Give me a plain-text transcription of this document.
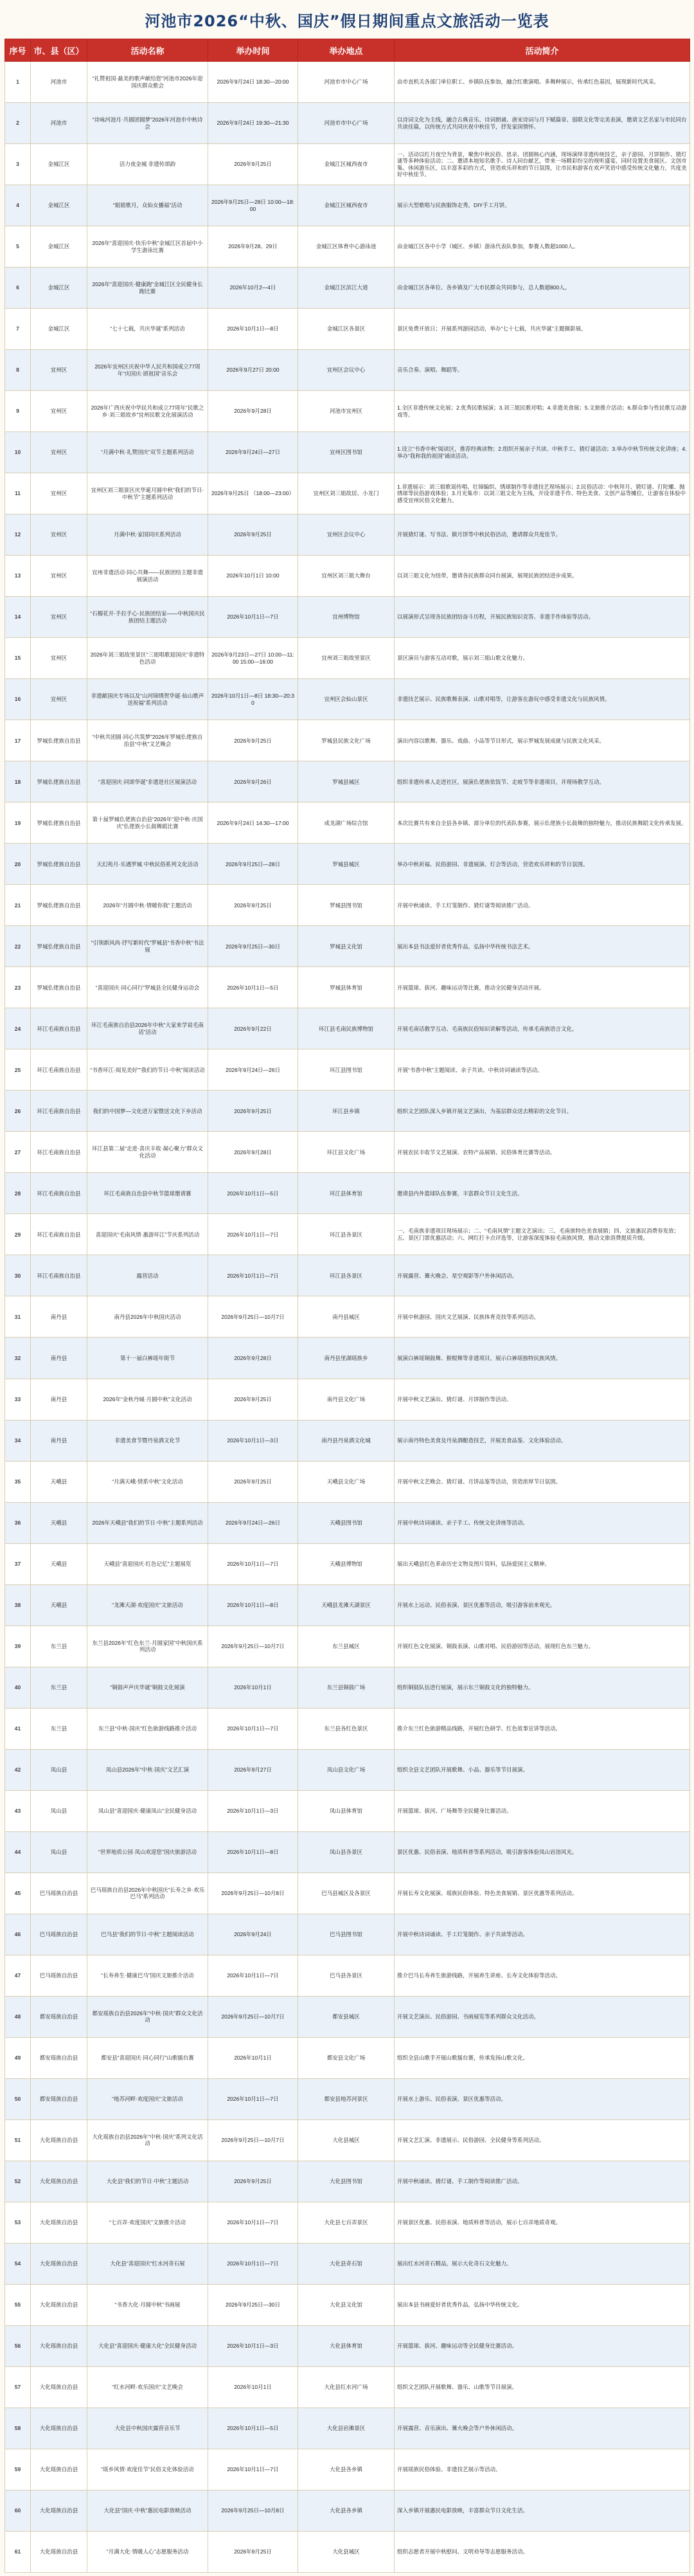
河池市2026“中秋、国庆”假日期间重点文旅活动一览表
序号	市、县（区）	活动名称	举办时间	举办地点	活动简介
1	河池市	“礼赞祖国·最美的歌声献给您”河池市2026年迎国庆群众歌会	2026年9月24日 18:30—20:00	河池市市中心广场	由市直机关各部门单位职工、乡镇队伍参加，融合红歌演唱、多舞种展示，传承红色基因，展现新时代风采。
2	河池市	“诗咏河池月·共圆团圆梦”2026年河池市中秋诗会	2026年9月24日 19:30—21:30	河池市市中心广场	以诗词文化为主线，融合古典音乐、诗词朗诵、唐宋诗词与月下赋篇章、弱联文化等完美表演，邀请文艺名家与市民同台共读佳篇，以传统方式共同庆祝中秋佳节，抒发家国情怀。
3	金城江区	活力夜金城 非遗传颂韵	2026年9月25日	金城江区城西夜市	一、活动以红月夜空为背景，聚焦中秋民俗、思亲、团圆核心内涵，现场演绎非遗传统技艺，亲子游园、月饼制作、猜灯谜等多种体验活动；二、邀请本地知名歌手、诗人同台献艺，带来一场精彩纷呈的视听盛宴，同时设置美食展区、文创市集、休闲游乐区，以丰富多彩的方式，营造欢乐祥和的节日氛围，让市民和游客在欢声笑语中感受传统文化魅力，共度美好中秋佳节。
4	金城江区	“姐姐歌月，众仙女播福”活动	2026年9月25日—28日 10:00—18:00	金城江区城西夜市	展示大型歌唱与民族服饰走秀，DIY手工月饼。
5	金城江区	2026年“喜迎国庆·快乐中秋”金城江区首届中小学生游泳比赛	2026年9月28、29日	金城江区体育中心游泳池	由金城江区各中小学（城区、乡镇）游泳代表队参加，参赛人数超1000人。
6	金城江区	2026年“喜迎国庆·健康跑”金城江区全民健身长跑比赛	2026年10月2—4日	金城江区滨江大道	由金城江区各单位、各乡镇及广大市民群众共同参与，总人数超800人。
7	金城江区	“七十七载，共庆华诞”系列活动	2026年10月1日—8日	金城江区各景区	景区免费开放日；开展系列游园活动，举办“七十七载，共庆华诞”主题摄影展。
8	宜州区	2026年宜州区庆祝中华人民共和国成立77周年“庆国庆·颂祖国”音乐会	2026年9月27日 20:00	宜州区会议中心	音乐合奏、演唱、舞蹈等。
9	宜州区	2026年广西庆祝中华民共和成立77周年“民歌之乡·刘三姐故乡”宜州民歌文化展演活动	2026年9月28日	河池市宜州区	1.全区非遗传统文化展；2.优秀民歌展演；3.刘三姐民歌对唱；4.非遗美食展；5.文旅推介活动；6.群众参与性民歌互动游戏等。
10	宜州区	“月满中秋·礼赞国庆”双节主题系列活动	2026年9月24日—27日	宜州区图书馆	1.设立“书香中秋”阅读区，推荐经典读物；2.组织开展亲子共读、中秋手工、猜灯谜活动；3.举办中秋节传统文化讲座；4.举办“我和我的祖国”诵读活动。
11	宜州区	宜州区刘三姐景区庆华诞月圆中秋“我们的节日·中秋节”主题系列活动	2026年9月25日 （18:00—23:00）	宜州区刘三姐故居、小龙门	1.非遗展示：刘三姐歌谣传唱、壮锦编织、绣球制作等非遗技艺现场展示；2.民俗活动：中秋拜月、猜灯谜、打陀螺、抛绣球等民俗游戏体验；3.月光集市：以刘三姐文化为主线，开设非遗手作、特色美食、文创产品等摊位，让游客在体验中感受宜州民俗文化魅力。
12	宜州区	月满中秋·家国同庆系列活动	2026年9月25日	宜州区会议中心	开展猜灯谜、写书法、做月饼等中秋民俗活动，邀请群众共度佳节。
13	宜州区	宜州非遗活动·同心共舞——民族团结主题非遗展演活动	2026年10月1日 10:00	宜州区刘三姐大舞台	以刘三姐文化为纽带，邀请各民族群众同台展演，展现民族团结进步成果。
14	宜州区	“石榴花开·手拉手心·民族团结家——中秋国庆民族团结主题活动	2026年10月1日—7日	宜州博物馆	以展演形式呈现各民族团结奋斗历程，开展民族知识竞答、非遗手作体验等活动。
15	宜州区	2026年刘三姐故里景区“三姐唱歌迎国庆”非遗特色活动	2026年9月23日—27日 10:00—11:00 15:00—16:00	宜州刘三姐故里景区	景区演员与游客互动对歌，展示刘三姐山歌文化魅力。
16	宜州区	非遗献国庆专场以及“山河锦绣贺华诞·仙山歌声送祝福”系列活动	2026年10月1日—8日 18:30—20:30	宜州区会仙山景区	非遗技艺展示、民族歌舞表演、山歌对唱等，让游客在游玩中感受非遗文化与民族风情。
17	罗城仫佬族自治县	“中秋共团圆·同心共筑梦”2026年罗城仫佬族自治县“中秋”文艺晚会	2026年9月25日	罗城县民族文化广场	演出内容以歌舞、器乐、戏曲、小品等节目形式，展示罗城发展成就与民族文化风采。
18	罗城仫佬族自治县	“喜迎国庆·同颂华诞”非遗进社区展演活动	2026年9月26日	罗城县城区	组织非遗传承人走进社区，展演仫佬族依饭节、走坡节等非遗项目，并现场教学互动。
19	罗城仫佬族自治县	第十届罗城仫佬族自治县“2026年“迎中秋·庆国庆”仫佬族小长鼓舞蹈比赛	2026年9月24日 14:30—17:00	成龙湖广场综合馆	本次比赛共有来自全县各乡镇、部分单位的代表队参赛，展示仫佬族小长鼓舞的独特魅力，推动民族舞蹈文化传承发展。
20	罗城仫佬族自治县	天幻苑月·乐遇罗城 中秋民俗系列文化活动	2026年9月25日—28日	罗城县城区	举办中秋祈福、民俗游园、非遗展演、灯会等活动，营造欢乐祥和的节日氛围。
21	罗城仫佬族自治县	2026年“月圆中秋·情暖你我”主题活动	2026年9月25日	罗城县图书馆	开展中秋诵读、手工灯笼制作、猜灯谜等阅读推广活动。
22	罗城仫佬族自治县	“引领新风尚·抒写新时代”罗城县“书香中秋”书法展	2026年9月25日—30日	罗城县文化馆	展出本县书法爱好者优秀作品，弘扬中华传统书法艺术。
23	罗城仫佬族自治县	“喜迎国庆·同心同行”罗城县全民健身运动会	2026年10月1日—5日	罗城县体育馆	开展篮球、拔河、趣味运动等比赛，推动全民健身活动开展。
24	环江毛南族自治县	环江毛南族自治县2026年中秋“大家来学说毛南话”活动	2026年9月22日	环江县毛南民族博物馆	开展毛南话教学互动、毛南族民俗知识讲解等活动，传承毛南族语言文化。
25	环江毛南族自治县	“书香环江·阅见美好”“我们的节日·中秋”阅读活动	2026年9月24日—26日	环江县图书馆	开展“书香中秋”主题阅读、亲子共读、中秋诗词诵读等活动。
26	环江毛南族自治县	我们的中国梦—文化进万家暨送文化下乡活动	2026年9月25日	环江县乡镇	组织文艺团队深入乡镇开展文艺演出，为基层群众送去精彩的文化节目。
27	环江毛南族自治县	环江县第二届“走进·喜庆丰收·凝心聚力”群众文化活动	2026年9月28日	环江县文化广场	开展农民丰收节文艺展演、农特产品展销、民俗体育比赛等活动。
28	环江毛南族自治县	环江毛南族自治县中秋节篮球邀请赛	2026年10月1日—5日	环江县体育馆	邀请县内外篮球队伍参赛，丰富群众节日文化生活。
29	环江毛南族自治县	喜迎国庆“毛南风情·惠游环江”节庆系列活动	2026年10月1日—7日	环江县各景区	一、毛南族非遗项目现场展示；二、“毛南风情”主题文艺演出；三、毛南族特色美食展销；四、文旅惠民消费券发放；五、景区门票优惠活动；六、网红打卡点评选等，让游客深度体验毛南族风情，推动文旅消费提质升级。
30	环江毛南族自治县	露营活动	2026年10月1日—7日	环江县各景区	开展露营、篝火晚会、星空观影等户外休闲活动。
31	南丹县	南丹县2026年中秋国庆活动	2026年9月25日—10月7日	南丹县城区	开展中秋游园、国庆文艺展演、民族体育竞技等系列活动。
32	南丹县	第十一届白裤瑶年街节	2026年9月28日	南丹县里湖瑶族乡	展演白裤瑶铜鼓舞、猴棍舞等非遗项目，展示白裤瑶独特民族风情。
33	南丹县	2026年“金秋丹城·月圆中秋”文化活动	2026年9月25日	南丹县文化广场	开展中秋文艺演出、猜灯谜、月饼制作等活动。
34	南丹县	非遗美食节暨丹泉酒文化节	2026年10月1日—3日	南丹县丹泉酒文化城	展示南丹特色美食及丹泉酒酿造技艺，开展美食品鉴、文化体验活动。
35	天峨县	“月满天峨·情系中秋”文化活动	2026年9月25日	天峨县文化广场	开展中秋文艺晚会、猜灯谜、月饼品鉴等活动，营造浓厚节日氛围。
36	天峨县	2026年天峨县“我们的节日·中秋”主题系列活动	2026年9月24日—26日	天峨县图书馆	开展中秋诗词诵读、亲子手工、传统文化讲座等活动。
37	天峨县	天峨县“喜迎国庆·红色记忆”主题展览	2026年10月1日—7日	天峨县博物馆	展出天峨县红色革命历史文物及图片资料，弘扬爱国主义精神。
38	天峨县	“龙滩天湖·欢度国庆”文旅活动	2026年10月1日—8日	天峨县龙滩天湖景区	开展水上运动、民俗表演、景区优惠等活动，吸引游客前来观光。
39	东兰县	东兰县2026年“红色东兰·月圆家国”中秋国庆系列活动	2026年9月25日—10月7日	东兰县城区	开展红色文化展演、铜鼓表演、山歌对唱、民俗游园等活动，展现红色东兰魅力。
40	东兰县	“铜鼓声声庆华诞”铜鼓文化展演	2026年10月1日	东兰县铜鼓广场	组织铜鼓队伍进行展演，展示东兰铜鼓文化的独特魅力。
41	东兰县	东兰县“中秋·国庆”红色旅游线路推介活动	2026年10月1日—7日	东兰县各红色景区	推介东兰红色旅游精品线路，开展红色研学、红色故事宣讲等活动。
42	凤山县	凤山县2026年“中秋·国庆”文艺汇演	2026年9月27日	凤山县文化广场	组织全县文艺团队开展歌舞、小品、器乐等节目展演。
43	凤山县	凤山县“喜迎国庆·健康凤山”全民健身活动	2026年10月1日—3日	凤山县体育馆	开展篮球、拔河、广场舞等全民健身比赛活动。
44	凤山县	“世界地质公园·凤山欢迎您”国庆旅游活动	2026年10月1日—8日	凤山县各景区	景区优惠、民俗表演、地质科普等系列活动，吸引游客体验凤山岩溶风光。
45	巴马瑶族自治县	巴马瑶族自治县2026年中秋国庆“长寿之乡·欢乐巴马”系列活动	2026年9月25日—10月8日	巴马县城区及各景区	开展长寿文化展演、瑶族民俗体验、特色美食展销、景区优惠等系列活动。
46	巴马瑶族自治县	巴马县“我们的节日·中秋”主题阅读活动	2026年9月24日	巴马县图书馆	开展中秋诗词诵读、手工灯笼制作、亲子共读等活动。
47	巴马瑶族自治县	“长寿养生·健康巴马”国庆文旅推介活动	2026年10月1日—7日	巴马县各景区	推介巴马长寿养生旅游线路，开展养生讲座、长寿文化体验等活动。
48	都安瑶族自治县	都安瑶族自治县2026年“中秋·国庆”群众文化活动	2026年9月25日—10月7日	都安县城区	开展文艺演出、民俗游园、书画展览等系列群众文化活动。
49	都安瑶族自治县	都安县“喜迎国庆·同心同行”山歌擂台赛	2026年10月1日	都安县文化广场	组织全县山歌手开展山歌擂台赛，传承发扬山歌文化。
50	都安瑶族自治县	“地苏河畔·欢度国庆”文旅活动	2026年10月1日—7日	都安县地苏河景区	开展水上游乐、民俗表演、景区优惠等活动。
51	大化瑶族自治县	大化瑶族自治县2026年“中秋·国庆”系列文化活动	2026年9月25日—10月7日	大化县城区	开展文艺汇演、非遗展示、民俗游园、全民健身等系列活动。
52	大化瑶族自治县	大化县“我们的节日·中秋”主题活动	2026年9月25日	大化县图书馆	开展中秋诵读、猜灯谜、手工制作等阅读推广活动。
53	大化瑶族自治县	“七百弄·欢度国庆”文旅推介活动	2026年10月1日—7日	大化县七百弄景区	开展景区优惠、民俗表演、地质科普等活动，展示七百弄地质奇观。
54	大化瑶族自治县	大化县“喜迎国庆”红水河奇石展	2026年10月1日—7日	大化县奇石馆	展出红水河奇石精品，展示大化奇石文化魅力。
55	大化瑶族自治县	“书香大化·月圆中秋”书画展	2026年9月25日—30日	大化县文化馆	展出本县书画爱好者优秀作品，弘扬中华传统文化。
56	大化瑶族自治县	大化县“喜迎国庆·健康大化”全民健身活动	2026年10月1日—3日	大化县体育馆	开展篮球、拔河、趣味运动等全民健身比赛活动。
57	大化瑶族自治县	“红水河畔·欢乐国庆”文艺晚会	2026年10月1日	大化县红水河广场	组织文艺团队开展歌舞、器乐、山歌等节目展演。
58	大化瑶族自治县	大化县中秋国庆露营音乐节	2026年10月1日—5日	大化县岩滩景区	开展露营、音乐演出、篝火晚会等户外休闲活动。
59	大化瑶族自治县	“瑶乡风情·欢度佳节”民俗文化体验活动	2026年10月1日—7日	大化县各乡镇	开展瑶族民俗体验、非遗技艺展示等活动。
60	大化瑶族自治县	大化县“国庆·中秋”惠民电影放映活动	2026年9月25日—10月8日	大化县各乡镇	深入乡镇开展惠民电影放映，丰富群众节日文化生活。
61	大化瑶族自治县	“月满大化·情暖人心”志愿服务活动	2026年9月25日	大化县城区	组织志愿者开展中秋慰问、文明劝导等志愿服务活动。
